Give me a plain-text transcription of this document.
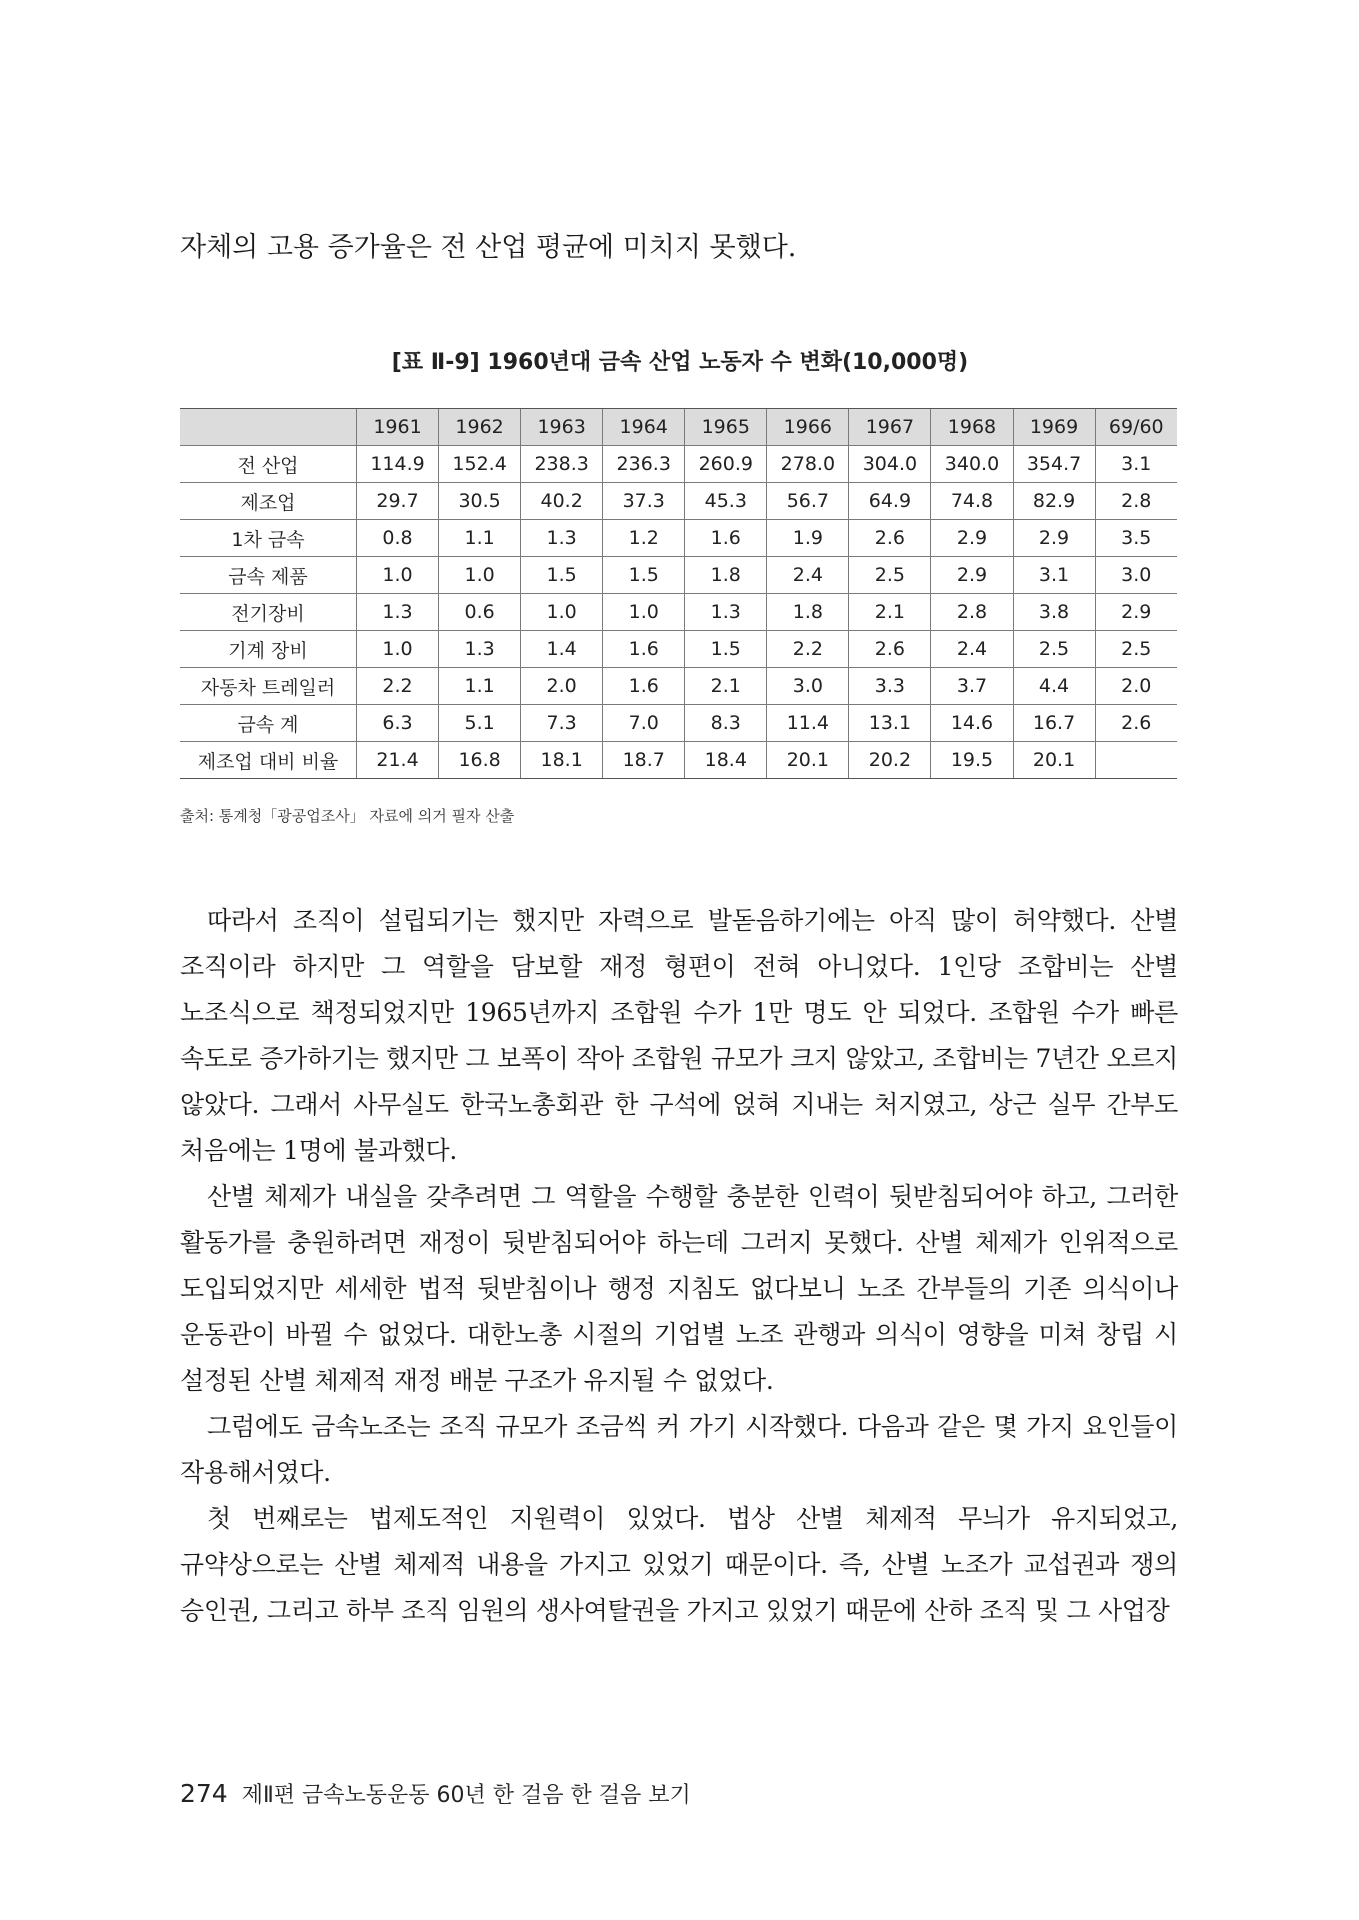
자체의 고용 증가율은 전 산업 평균에 미치지 못했다.

[표 Ⅱ-9] 1960년대 금속 산업 노동자 수 변화(10,000명)

	1961	1962	1963	1964	1965	1966	1967	1968	1969	69/60
전 산업	114.9	152.4	238.3	236.3	260.9	278.0	304.0	340.0	354.7	3.1
제조업	29.7	30.5	40.2	37.3	45.3	56.7	64.9	74.8	82.9	2.8
1차 금속	0.8	1.1	1.3	1.2	1.6	1.9	2.6	2.9	2.9	3.5
금속 제품	1.0	1.0	1.5	1.5	1.8	2.4	2.5	2.9	3.1	3.0
전기장비	1.3	0.6	1.0	1.0	1.3	1.8	2.1	2.8	3.8	2.9
기계 장비	1.0	1.3	1.4	1.6	1.5	2.2	2.6	2.4	2.5	2.5
자동차 트레일러	2.2	1.1	2.0	1.6	2.1	3.0	3.3	3.7	4.4	2.0
금속 계	6.3	5.1	7.3	7.0	8.3	11.4	13.1	14.6	16.7	2.6
제조업 대비 비율	21.4	16.8	18.1	18.7	18.4	20.1	20.2	19.5	20.1	

출처: 통계청「광공업조사」 자료에 의거 필자 산출

따라서 조직이 설립되기는 했지만 자력으로 발돋음하기에는 아직 많이 허약했다. 산별 조직이라 하지만 그 역할을 담보할 재정 형편이 전혀 아니었다. 1인당 조합비는 산별 노조식으로 책정되었지만 1965년까지 조합원 수가 1만 명도 안 되었다. 조합원 수가 빠른 속도로 증가하기는 했지만 그 보폭이 작아 조합원 규모가 크지 않았고, 조합비는 7년간 오르지 않았다. 그래서 사무실도 한국노총회관 한 구석에 얹혀 지내는 처지였고, 상근 실무 간부도 처음에는 1명에 불과했다.

산별 체제가 내실을 갖추려면 그 역할을 수행할 충분한 인력이 뒷받침되어야 하고, 그러한 활동가를 충원하려면 재정이 뒷받침되어야 하는데 그러지 못했다. 산별 체제가 인위적으로 도입되었지만 세세한 법적 뒷받침이나 행정 지침도 없다보니 노조 간부들의 기존 의식이나 운동관이 바뀔 수 없었다. 대한노총 시절의 기업별 노조 관행과 의식이 영향을 미쳐 창립 시 설정된 산별 체제적 재정 배분 구조가 유지될 수 없었다.

그럼에도 금속노조는 조직 규모가 조금씩 커 가기 시작했다. 다음과 같은 몇 가지 요인들이 작용해서였다.

첫 번째로는 법제도적인 지원력이 있었다. 법상 산별 체제적 무늬가 유지되었고, 규약상으로는 산별 체제적 내용을 가지고 있었기 때문이다. 즉, 산별 노조가 교섭권과 쟁의 승인권, 그리고 하부 조직 임원의 생사여탈권을 가지고 있었기 때문에 산하 조직 및 그 사업장

274 제Ⅱ편 금속노동운동 60년 한 걸음 한 걸음 보기
